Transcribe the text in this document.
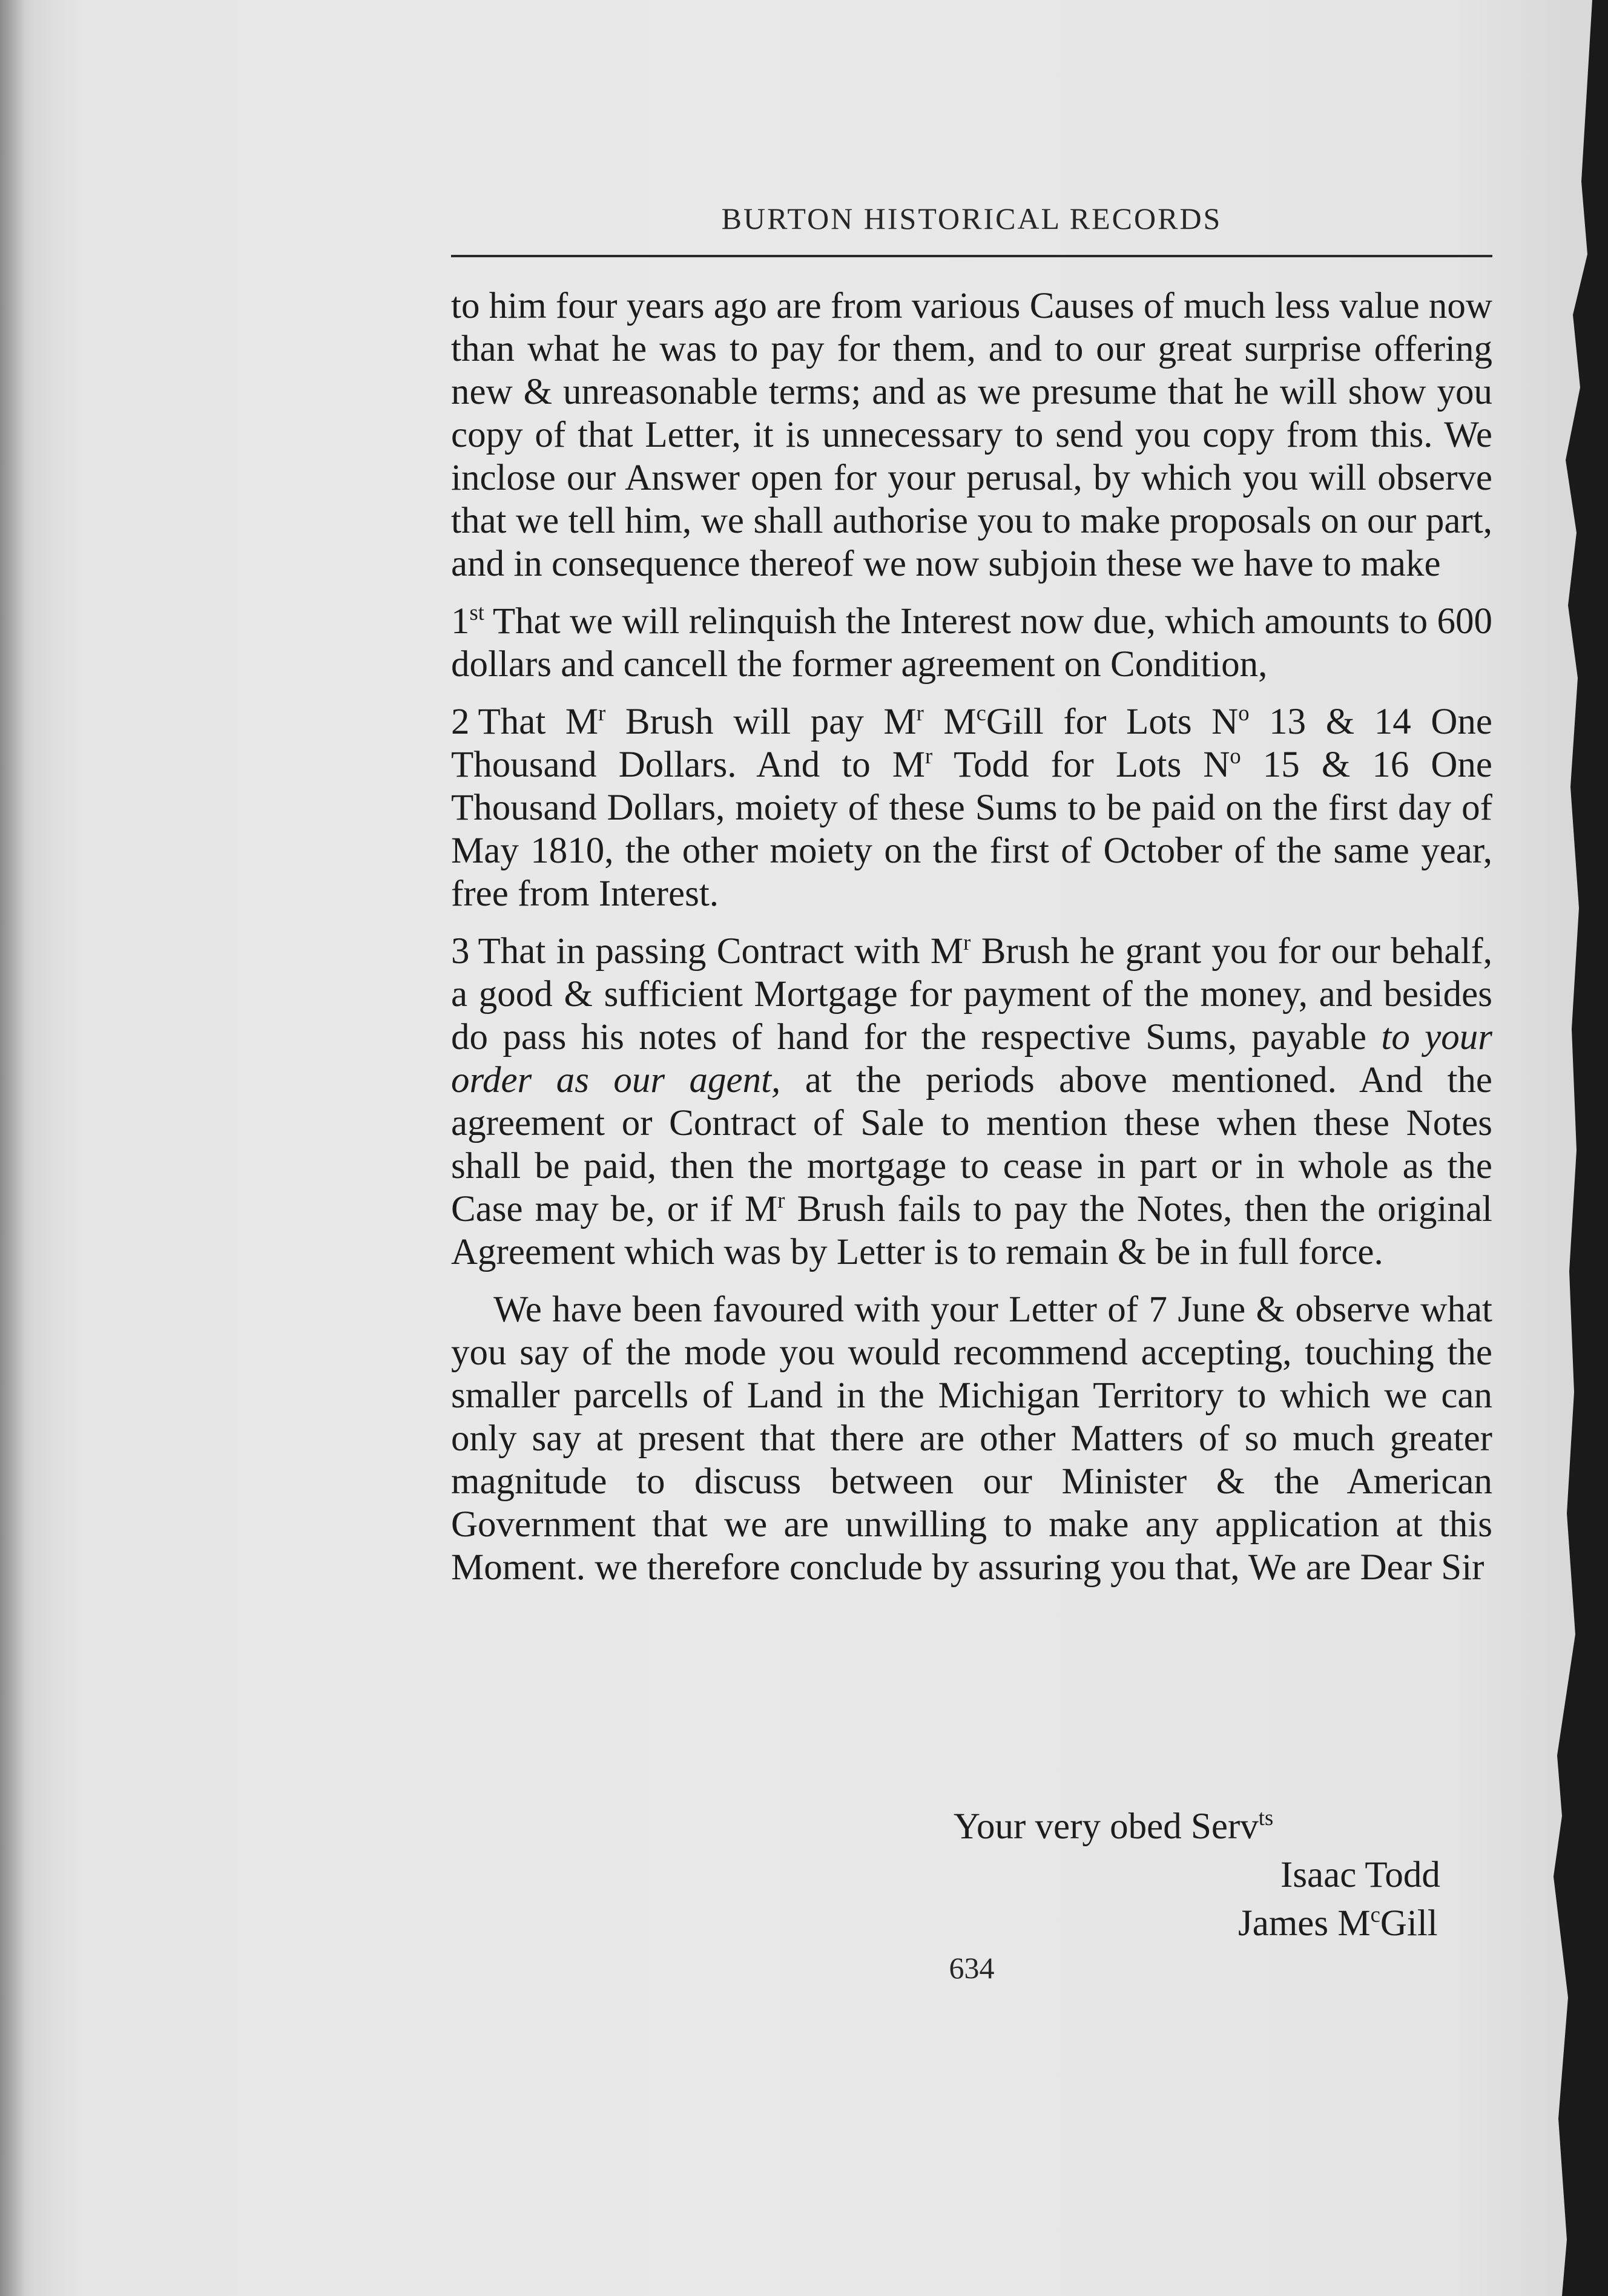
BURTON HISTORICAL RECORDS

to him four years ago are from various Causes of much less value now than what he was to pay for them, and to our great surprise offering new & unreasonable terms; and as we presume that he will show you copy of that Letter, it is unnecessary to send you copy from this. We inclose our Answer open for your perusal, by which you will observe that we tell him, we shall authorise you to make proposals on our part, and in consequence thereof we now subjoin these we have to make

1st That we will relinquish the Interest now due, which amounts to 600 dollars and cancell the former agreement on Condition,

2 That $M^r$ Brush will pay $M^r$ $M^cGill$ for Lots $N^o$ 13 & 14 One Thousand Dollars. And to $M^r$ Todd for Lots $N^o$ 15 & 16 One Thousand Dollars, moiety of these Sums to be paid on the first day of May 1810, the other moiety on the first of October of the same year, free from Interest.

3 That in passing Contract with $M^r$ Brush he grant you for our behalf, a good & sufficient Mortgage for payment of the money, and besides do pass his notes of hand for the respective Sums, payable to your order as our agent, at the periods above mentioned. And the agreement or Contract of Sale to mention these when these Notes shall be paid, then the mortgage to cease in part or in whole as the Case may be, or if $M^r$ Brush fails to pay the Notes, then the original Agreement which was by Letter is to remain & be in full force.

We have been favoured with your Letter of 7 June & observe what you say of the mode you would recommend accepting, touching the smaller parcells of Land in the Michigan Territory to which we can only say at present that there are other Matters of so much greater magnitude to discuss between our Minister & the American Government that we are unwilling to make any application at this Moment. we therefore conclude by assuring you that, We are Dear Sir

Your very obed Serv$^{ts}$
Isaac Todd
James $M^cGill$

634
